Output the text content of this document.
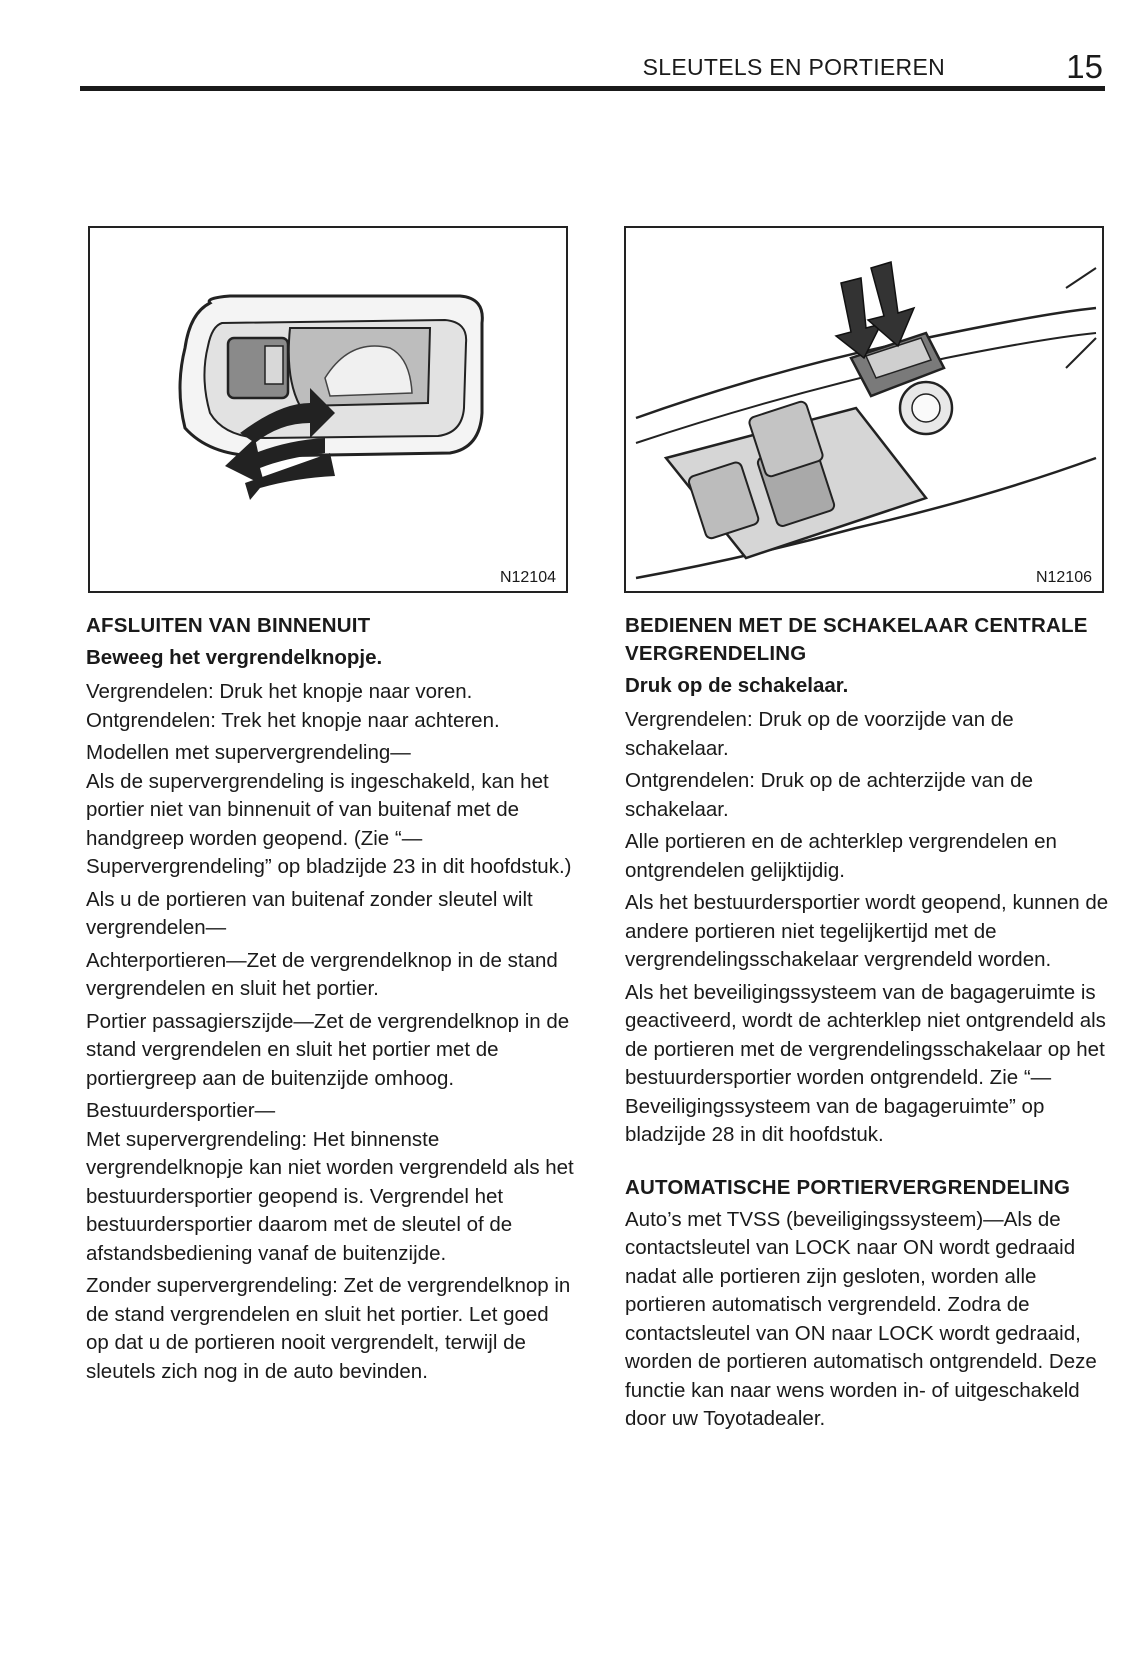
SLEUTELS EN PORTIEREN	15
N12104	N12106
AFSLUITEN VAN BINNENUIT
Beweeg het vergrendelknopje.

Vergrendelen: Druk het knopje naar voren.

Ontgrendelen: Trek het knopje naar achteren.

Modellen met supervergrendeling—
Als de supervergrendeling is ingeschakeld, kan het portier niet van binnenuit of van buitenaf met de handgreep worden geopend. (Zie “—Supervergrendeling” op bladzijde 23 in dit hoofdstuk.)

Als u de portieren van buitenaf zonder sleutel wilt vergrendelen—

Achterportieren—Zet de vergrendelknop in de stand vergrendelen en sluit het portier.

Portier passagierszijde—Zet de vergrendelknop in de stand vergrendelen en sluit het portier met de portiergreep aan de buitenzijde omhoog.

Bestuurdersportier—
Met supervergrendeling: Het binnenste vergrendelknopje kan niet worden vergrendeld als het bestuurdersportier geopend is. Vergrendel het bestuurdersportier daarom met de sleutel of de afstandsbediening vanaf de buitenzijde.

Zonder supervergrendeling: Zet de vergrendelknop in de stand vergrendelen en sluit het portier. Let goed op dat u de portieren nooit vergrendelt, terwijl de sleutels zich nog in de auto bevinden.

BEDIENEN MET DE SCHAKELAAR CENTRALE VERGRENDELING
Druk op de schakelaar.

Vergrendelen: Druk op de voorzijde van de schakelaar.

Ontgrendelen: Druk op de achterzijde van de schakelaar.

Alle portieren en de achterklep vergrendelen en ontgrendelen gelijktijdig.

Als het bestuurdersportier wordt geopend, kunnen de andere portieren niet tegelijkertijd met de vergrendelingsschakelaar vergrendeld worden.

Als het beveiligingssysteem van de bagageruimte is geactiveerd, wordt de achterklep niet ontgrendeld als de portieren met de vergrendelingsschakelaar op het bestuurdersportier worden ontgrendeld. Zie “—Beveiligingssysteem van de bagageruimte” op bladzijde 28 in dit hoofdstuk.

AUTOMATISCHE PORTIERVERGRENDELING

Auto’s met TVSS (beveiligingssysteem)—Als de contactsleutel van LOCK naar ON wordt gedraaid nadat alle portieren zijn gesloten, worden alle portieren automatisch vergrendeld. Zodra de contactsleutel van ON naar LOCK wordt gedraaid, worden de portieren automatisch ontgrendeld. Deze functie kan naar wens worden in- of uitgeschakeld door uw Toyotadealer.
